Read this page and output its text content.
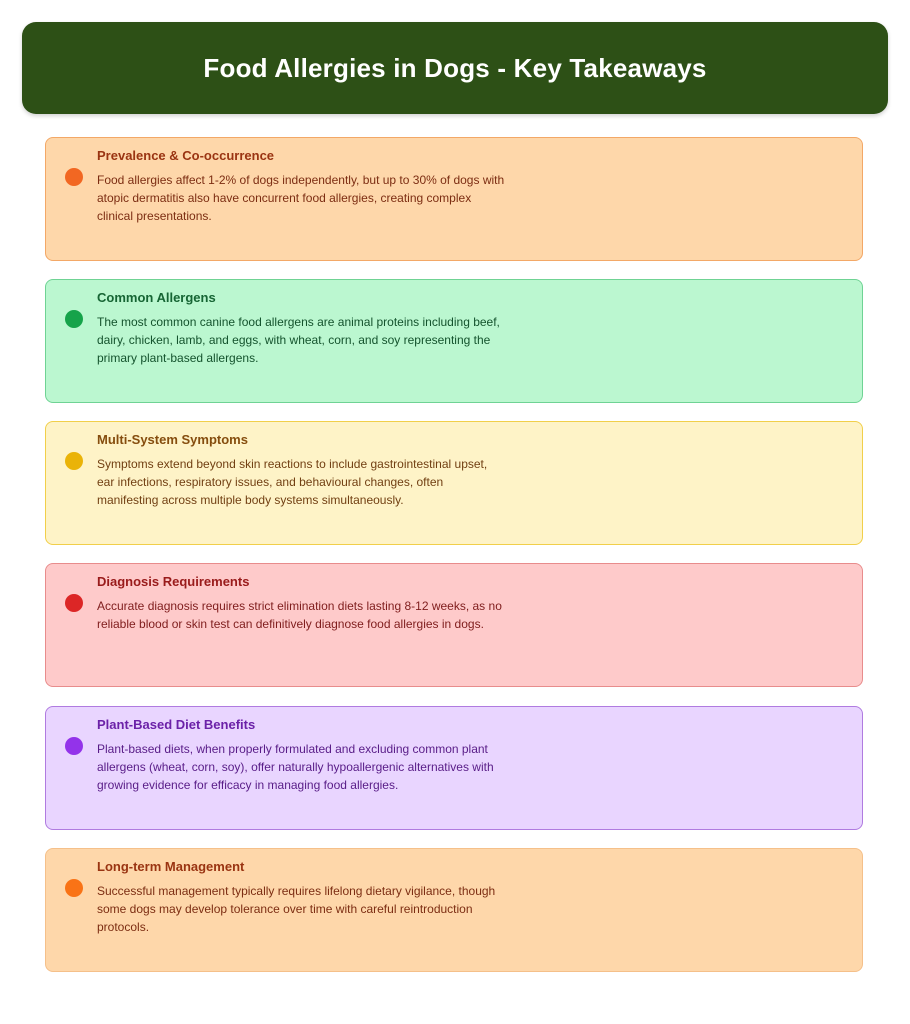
Food Allergies in Dogs - Key Takeaways
Prevalence & Co-occurrence

Food allergies affect 1-2% of dogs independently, but up to 30% of dogs with atopic dermatitis also have concurrent food allergies, creating complex clinical presentations.

Common Allergens

The most common canine food allergens are animal proteins including beef, dairy, chicken, lamb, and eggs, with wheat, corn, and soy representing the primary plant-based allergens.

Multi-System Symptoms

Symptoms extend beyond skin reactions to include gastrointestinal upset, ear infections, respiratory issues, and behavioural changes, often manifesting across multiple body systems simultaneously.

Diagnosis Requirements

Accurate diagnosis requires strict elimination diets lasting 8-12 weeks, as no reliable blood or skin test can definitively diagnose food allergies in dogs.

Plant-Based Diet Benefits

Plant-based diets, when properly formulated and excluding common plant allergens (wheat, corn, soy), offer naturally hypoallergenic alternatives with growing evidence for efficacy in managing food allergies.

Long-term Management

Successful management typically requires lifelong dietary vigilance, though some dogs may develop tolerance over time with careful reintroduction protocols.
